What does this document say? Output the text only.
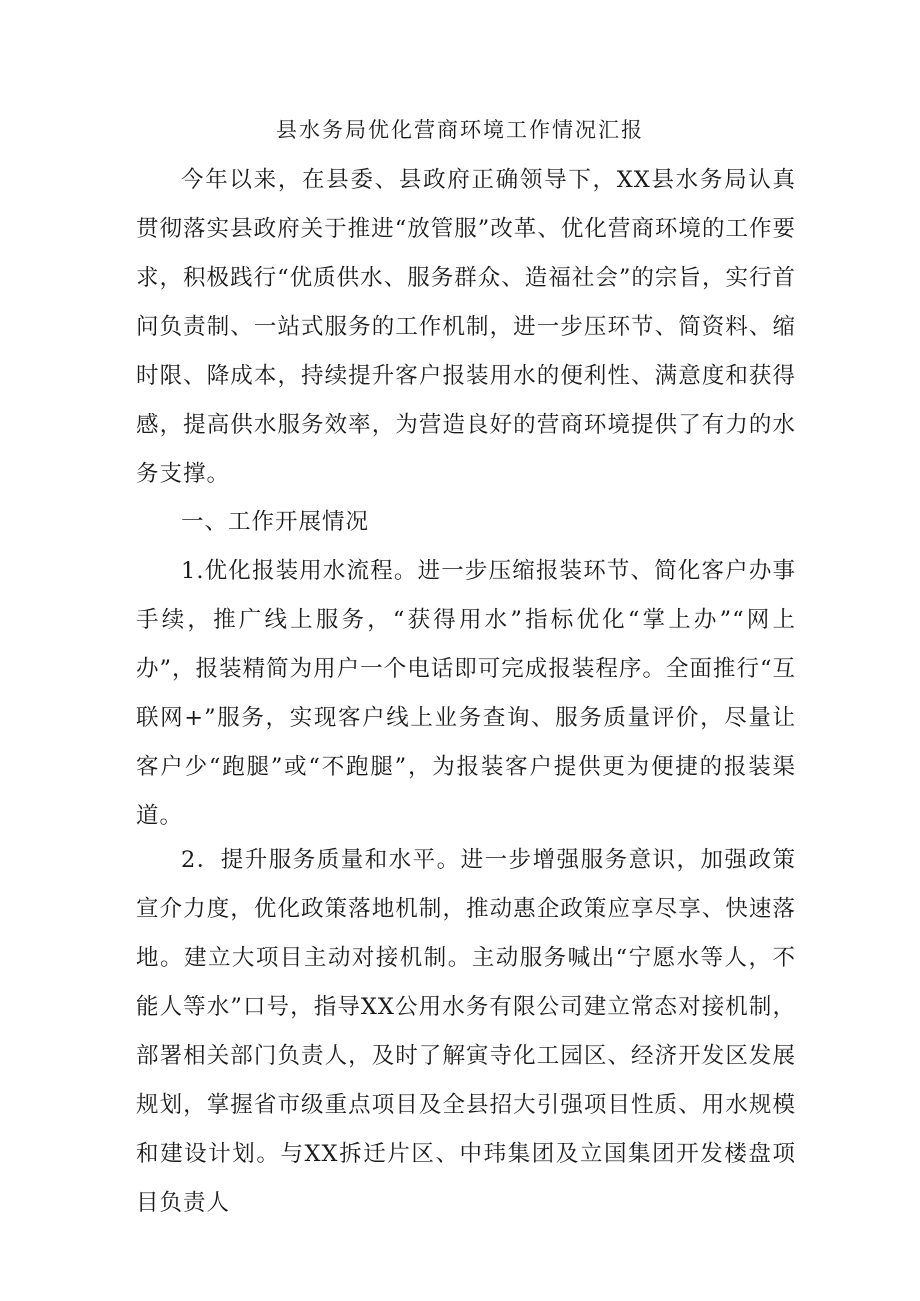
县水务局优化营商环境工作情况汇报

今年以来，在县委、县政府正确领导下，XX县水务局认真贯彻落实县政府关于推进“放管服”改革、优化营商环境的工作要求，积极践行“优质供水、服务群众、造福社会”的宗旨，实行首问负责制、一站式服务的工作机制，进一步压环节、简资料、缩时限、降成本，持续提升客户报装用水的便利性、满意度和获得感，提高供水服务效率，为营造良好的营商环境提供了有力的水务支撑。

一、工作开展情况

1.优化报装用水流程。进一步压缩报装环节、简化客户办事手续，推广线上服务，“获得用水”指标优化“掌上办”“网上办”，报装精简为用户一个电话即可完成报装程序。全面推行“互联网+”服务，实现客户线上业务查询、服务质量评价，尽量让客户少“跑腿”或“不跑腿”，为报装客户提供更为便捷的报装渠道。

2．提升服务质量和水平。进一步增强服务意识，加强政策宣介力度，优化政策落地机制，推动惠企政策应享尽享、快速落地。建立大项目主动对接机制。主动服务喊出“宁愿水等人，不能人等水”口号，指导XX公用水务有限公司建立常态对接机制，部署相关部门负责人，及时了解寅寺化工园区、经济开发区发展规划，掌握省市级重点项目及全县招大引强项目性质、用水规模和建设计划。与XX拆迁片区、中玮集团及立国集团开发楼盘项目负责人
